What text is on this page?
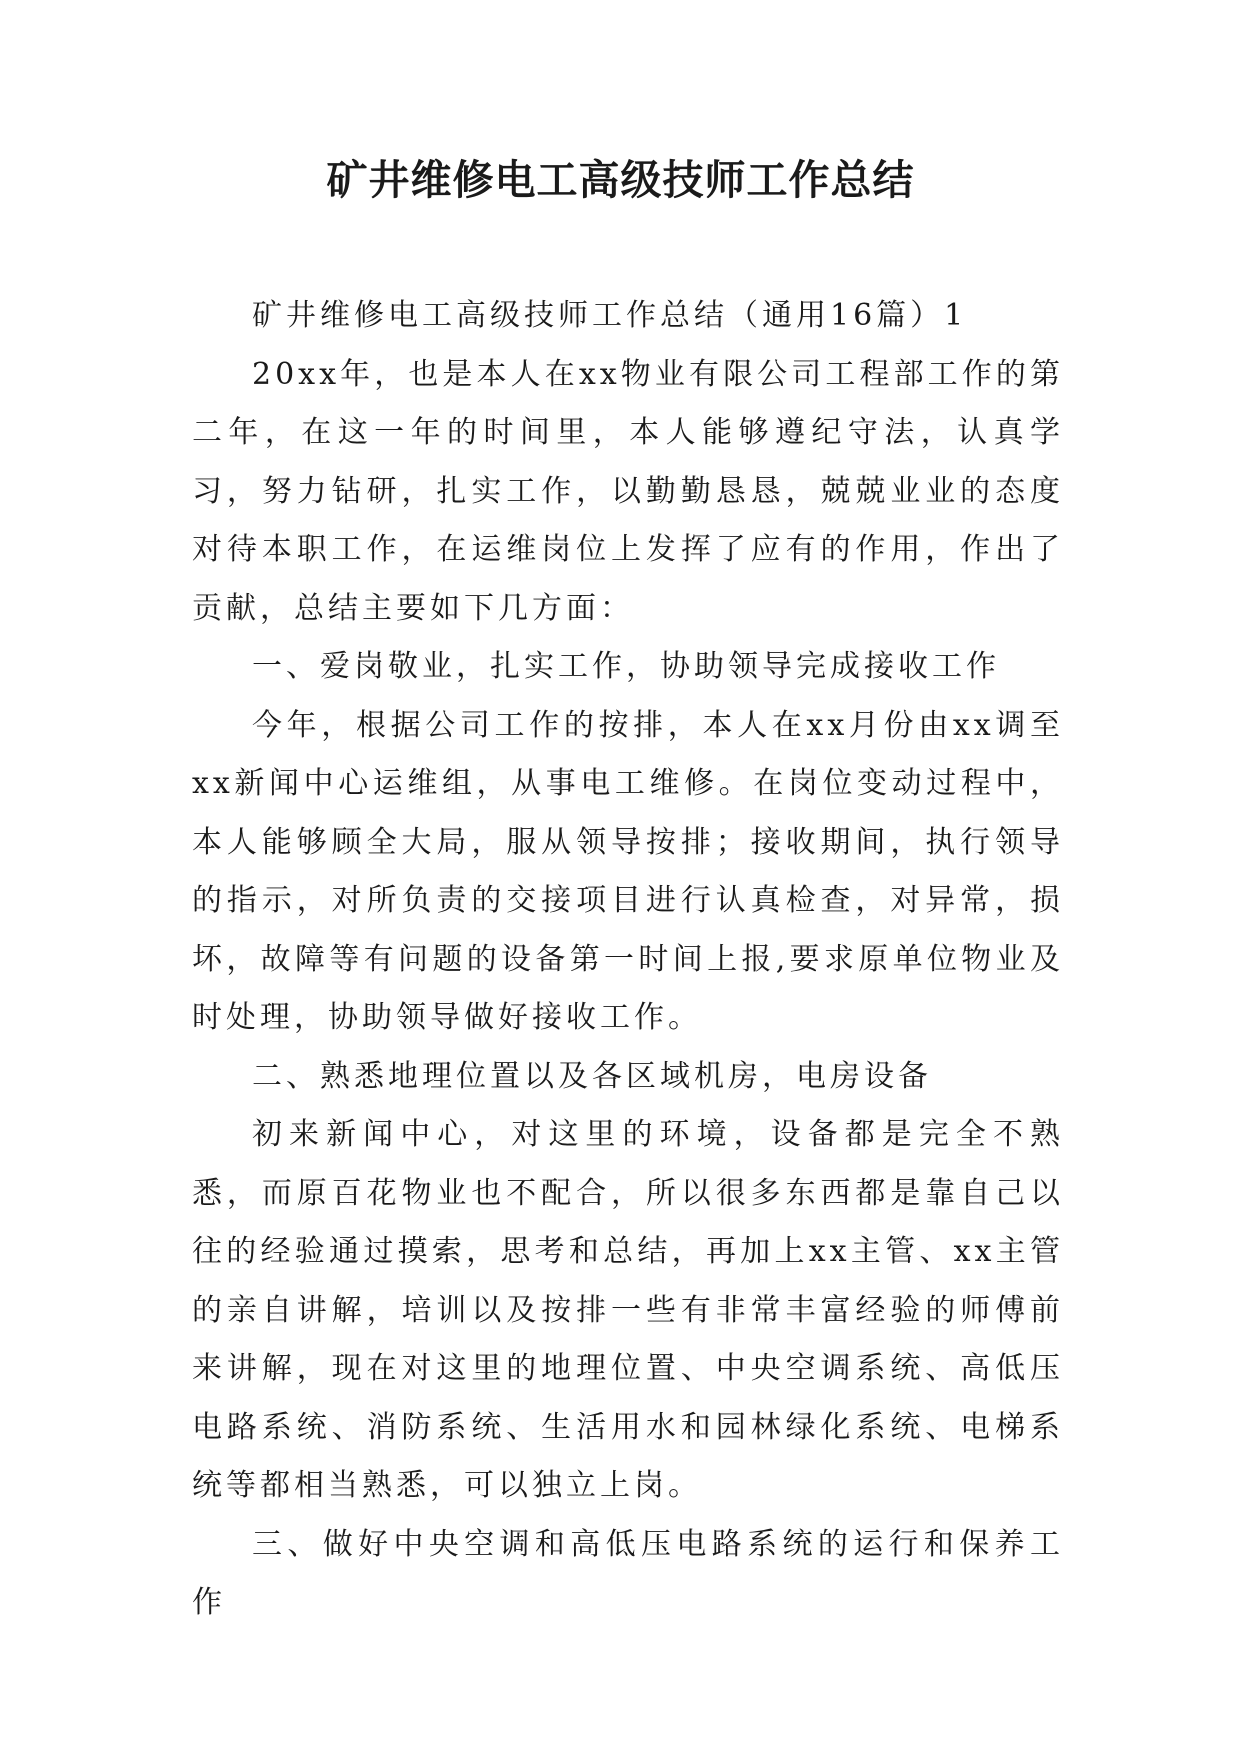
矿井维修电工高级技师工作总结

矿井维修电工高级技师工作总结（通用16篇）1

20xx年，也是本人在xx物业有限公司工程部工作的第二年，在这一年的时间里，本人能够遵纪守法，认真学习，努力钻研，扎实工作，以勤勤恳恳，兢兢业业的态度对待本职工作，在运维岗位上发挥了应有的作用，作出了贡献，总结主要如下几方面：

一、爱岗敬业，扎实工作，协助领导完成接收工作

今年，根据公司工作的按排，本人在xx月份由xx调至xx新闻中心运维组，从事电工维修。在岗位变动过程中，本人能够顾全大局，服从领导按排；接收期间，执行领导的指示，对所负责的交接项目进行认真检查，对异常，损坏，故障等有问题的设备第一时间上报,要求原单位物业及时处理，协助领导做好接收工作。

二、熟悉地理位置以及各区域机房，电房设备

初来新闻中心，对这里的环境，设备都是完全不熟悉，而原百花物业也不配合，所以很多东西都是靠自己以往的经验通过摸索，思考和总结，再加上xx主管、xx主管的亲自讲解，培训以及按排一些有非常丰富经验的师傅前来讲解，现在对这里的地理位置、中央空调系统、高低压电路系统、消防系统、生活用水和园林绿化系统、电梯系统等都相当熟悉，可以独立上岗。

三、做好中央空调和高低压电路系统的运行和保养工作
